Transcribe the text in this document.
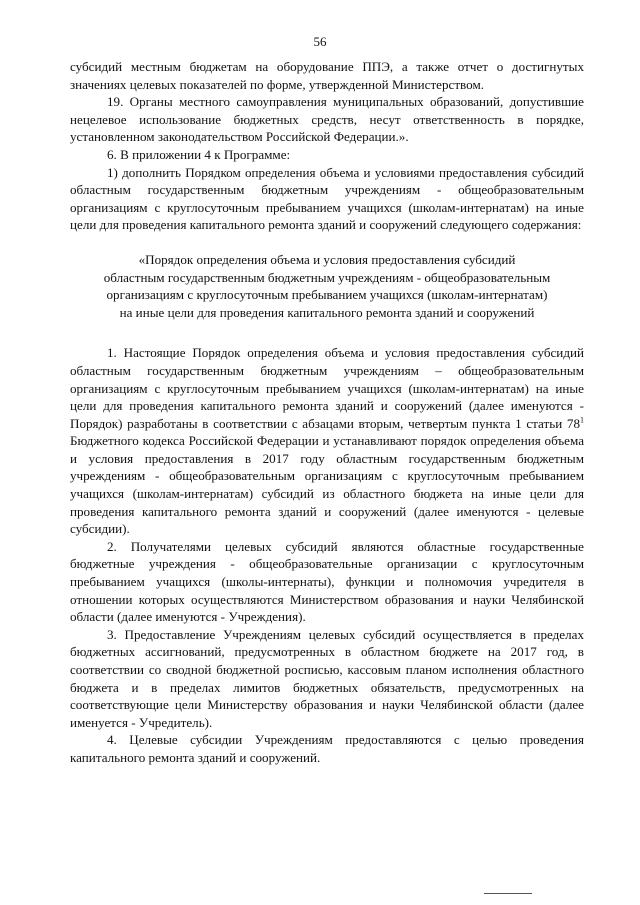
56

субсидий местным бюджетам на оборудование ППЭ, а также отчет о достигнутых значениях целевых показателей по форме, утвержденной Министерством.

19. Органы местного самоуправления муниципальных образований, допустившие нецелевое использование бюджетных средств, несут ответственность в порядке, установленном законодательством Российской Федерации.».

6. В приложении 4 к Программе:

1) дополнить Порядком определения объема и условиями предоставления субсидий областным государственным бюджетным учреждениям - общеобразовательным организациям с круглосуточным пребыванием учащихся (школам-интернатам) на иные цели для проведения капитального ремонта зданий и сооружений следующего содержания:

«Порядок определения объема и условия предоставления субсидий
областным государственным бюджетным учреждениям - общеобразовательным
организациям с круглосуточным пребыванием учащихся (школам-интернатам)
на иные цели для проведения капитального ремонта зданий и сооружений

1. Настоящие Порядок определения объема и условия предоставления субсидий областным государственным бюджетным учреждениям – общеобразовательным организациям с круглосуточным пребыванием учащихся (школам-интернатам) на иные цели для проведения капитального ремонта зданий и сооружений (далее именуются - Порядок) разработаны в соответствии с абзацами вторым, четвертым пункта 1 статьи $78^1$ Бюджетного кодекса Российской Федерации и устанавливают порядок определения объема и условия предоставления в 2017 году областным государственным бюджетным учреждениям - общеобразовательным организациям с круглосуточным пребыванием учащихся (школам-интернатам) субсидий из областного бюджета на иные цели для проведения капитального ремонта зданий и сооружений (далее именуются - целевые субсидии).

2. Получателями целевых субсидий являются областные государственные бюджетные учреждения - общеобразовательные организации с круглосуточным пребыванием учащихся (школы-интернаты), функции и полномочия учредителя в отношении которых осуществляются Министерством образования и науки Челябинской области (далее именуются - Учреждения).

3. Предоставление Учреждениям целевых субсидий осуществляется в пределах бюджетных ассигнований, предусмотренных в областном бюджете на 2017 год, в соответствии со сводной бюджетной росписью, кассовым планом исполнения областного бюджета и в пределах лимитов бюджетных обязательств, предусмотренных на соответствующие цели Министерству образования и науки Челябинской области (далее именуется - Учредитель).

4. Целевые субсидии Учреждениям предоставляются с целью проведения капитального ремонта зданий и сооружений.
